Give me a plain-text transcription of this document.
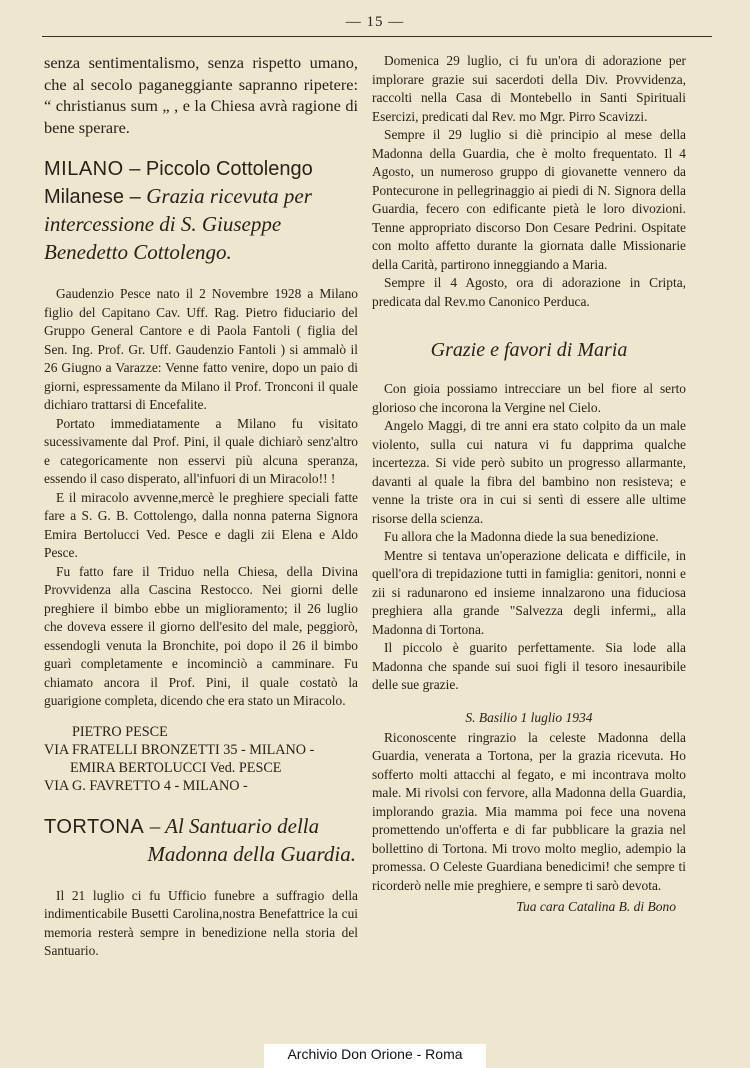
— 15 —

senza sentimentalismo, senza rispetto umano, che al secolo paganeggiante sapranno ripetere: “ christianus sum „ , e la Chiesa avrà ragione di bene sperare.

MILANO – Piccolo Cottolengo Milanese – Grazia ricevuta per intercessione di S. Giuseppe Benedetto Cottolengo.

Gaudenzio Pesce nato il 2 Novembre 1928 a Milano figlio del Capitano Cav. Uff. Rag. Pietro fiduciario del Gruppo General Cantore e di Paola Fantoli ( figlia del Sen. Ing. Prof. Gr. Uff. Gaudenzio Fantoli ) si ammalò il 26 Giugno a Varazze: Venne fatto venire, dopo un paio di giorni, espressamente da Milano il Prof. Tronconi il quale dichiaro trattarsi di Encefalite.

Portato immediatamente a Milano fu visitato sucessivamente dal Prof. Pini, il quale dichiarò senz'altro e categoricamente non esservi più alcuna speranza, essendo il caso disperato, all'infuori di un Miracolo!! !

E il miracolo avvenne,mercè le preghiere speciali fatte fare a S. G. B. Cottolengo, dalla nonna paterna Signora Emira Bertolucci Ved. Pesce e dagli zii Elena e Aldo Pesce.

Fu fatto fare il Triduo nella Chiesa, della Divina Provvidenza alla Cascina Restocco. Nei giorni delle preghiere il bimbo ebbe un miglioramento; il 26 luglio che doveva essere il giorno dell'esito del male, peggiorò, essendogli venuta la Bronchite, poi dopo il 26 il bimbo guarì completamente e incominciò a camminare. Fu chiamato ancora il Prof. Pini, il quale costatò la guarigione completa, dicendo che era stato un Miracolo.

PIETRO PESCE
VIA FRATELLI BRONZETTI 35 - MILANO -
EMIRA BERTOLUCCI Ved. PESCE
VIA G. FAVRETTO 4 - MILANO -
TORTONA – Al Santuario della
Madonna della Guardia.

Il 21 luglio ci fu Ufficio funebre a suffragio della indimenticabile Busetti Carolina,nostra Benefattrice la cui memoria resterà sempre in benedizione nella storia del Santuario.

Domenica 29 luglio, ci fu un'ora di adorazione per implorare grazie sui sacerdoti della Div. Provvidenza, raccolti nella Casa di Montebello in Santi Spirituali Esercizi, predicati dal Rev. mo Mgr. Pirro Scavizzi.

Sempre il 29 luglio si diè principio al mese della Madonna della Guardia, che è molto frequentato. Il 4 Agosto, un numeroso gruppo di giovanette vennero da Pontecurone in pellegrinaggio ai piedi di N. Signora della Guardia, fecero con edificante pietà le loro divozioni. Tenne appropriato discorso Don Cesare Pedrini. Ospitate con molto affetto durante la giornata dalle Missionarie della Carità, partirono inneggiando a Maria.

Sempre il 4 Agosto, ora di adorazione in Cripta, predicata dal Rev.mo Canonico Perduca.

Grazie e favori di Maria

Con gioia possiamo intrecciare un bel fiore al serto glorioso che incorona la Vergine nel Cielo.

Angelo Maggi, di tre anni era stato colpito da un male violento, sulla cui natura vi fu dapprima qualche incertezza. Si vide però subito un progresso allarmante, davanti al quale la fibra del bambino non resisteva; e venne la triste ora in cui si sentì di essere alle ultime risorse della scienza.

Fu allora che la Madonna diede la sua benedizione.

Mentre si tentava un'operazione delicata e difficile, in quell'ora di trepidazione tutti in famiglia: genitori, nonni e zii si radunarono ed insieme innalzarono una fiduciosa preghiera alla grande "Salvezza degli infermi„ alla Madonna di Tortona.

Il piccolo è guarito perfettamente. Sia lode alla Madonna che spande sui suoi figli il tesoro inesauribile delle sue grazie.

S. Basilio 1 luglio 1934

Riconoscente ringrazio la celeste Madonna della Guardia, venerata a Tortona, per la grazia ricevuta. Ho sofferto molti attacchi al fegato, e mi incontrava molto male. Mi rivolsi con fervore, alla Madonna della Guardia, implorando grazia. Mia mamma poi fece una novena promettendo un'offerta e di far pubblicare la grazia nel bollettino di Tortona. Mi trovo molto meglio, adempio la promessa. O Celeste Guardiana benedicimi! che sempre ti ricorderò nelle mie preghiere, e sempre ti sarò devota.

Tua cara Catalina B. di Bono
Archivio Don Orione - Roma
